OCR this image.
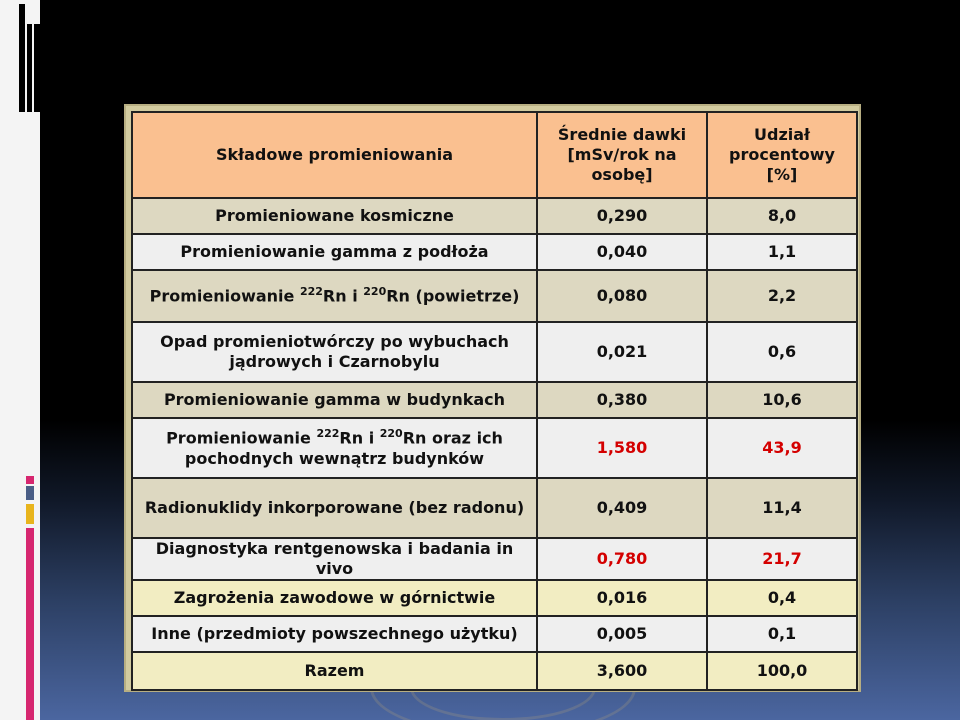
Składowe promieniowania	Średnie dawki [mSv/rok na osobę]	Udział procentowy [%]
Promieniowane kosmiczne	0,290	8,0
Promieniowanie gamma z podłoża	0,040	1,1
Promieniowanie $^{222}$Rn i $^{220}$Rn (powietrze)	0,080	2,2
Opad promieniotwórczy po wybuchach jądrowych i Czarnobylu	0,021	0,6
Promieniowanie gamma w budynkach	0,380	10,6
Promieniowanie $^{222}$Rn i $^{220}$Rn oraz ich pochodnych wewnątrz budynków	1,580	43,9
Radionuklidy inkorporowane (bez radonu)	0,409	11,4
Diagnostyka rentgenowska i badania in vivo	0,780	21,7
Zagrożenia zawodowe w górnictwie	0,016	0,4
Inne (przedmioty powszechnego użytku)	0,005	0,1
Razem	3,600	100,0
